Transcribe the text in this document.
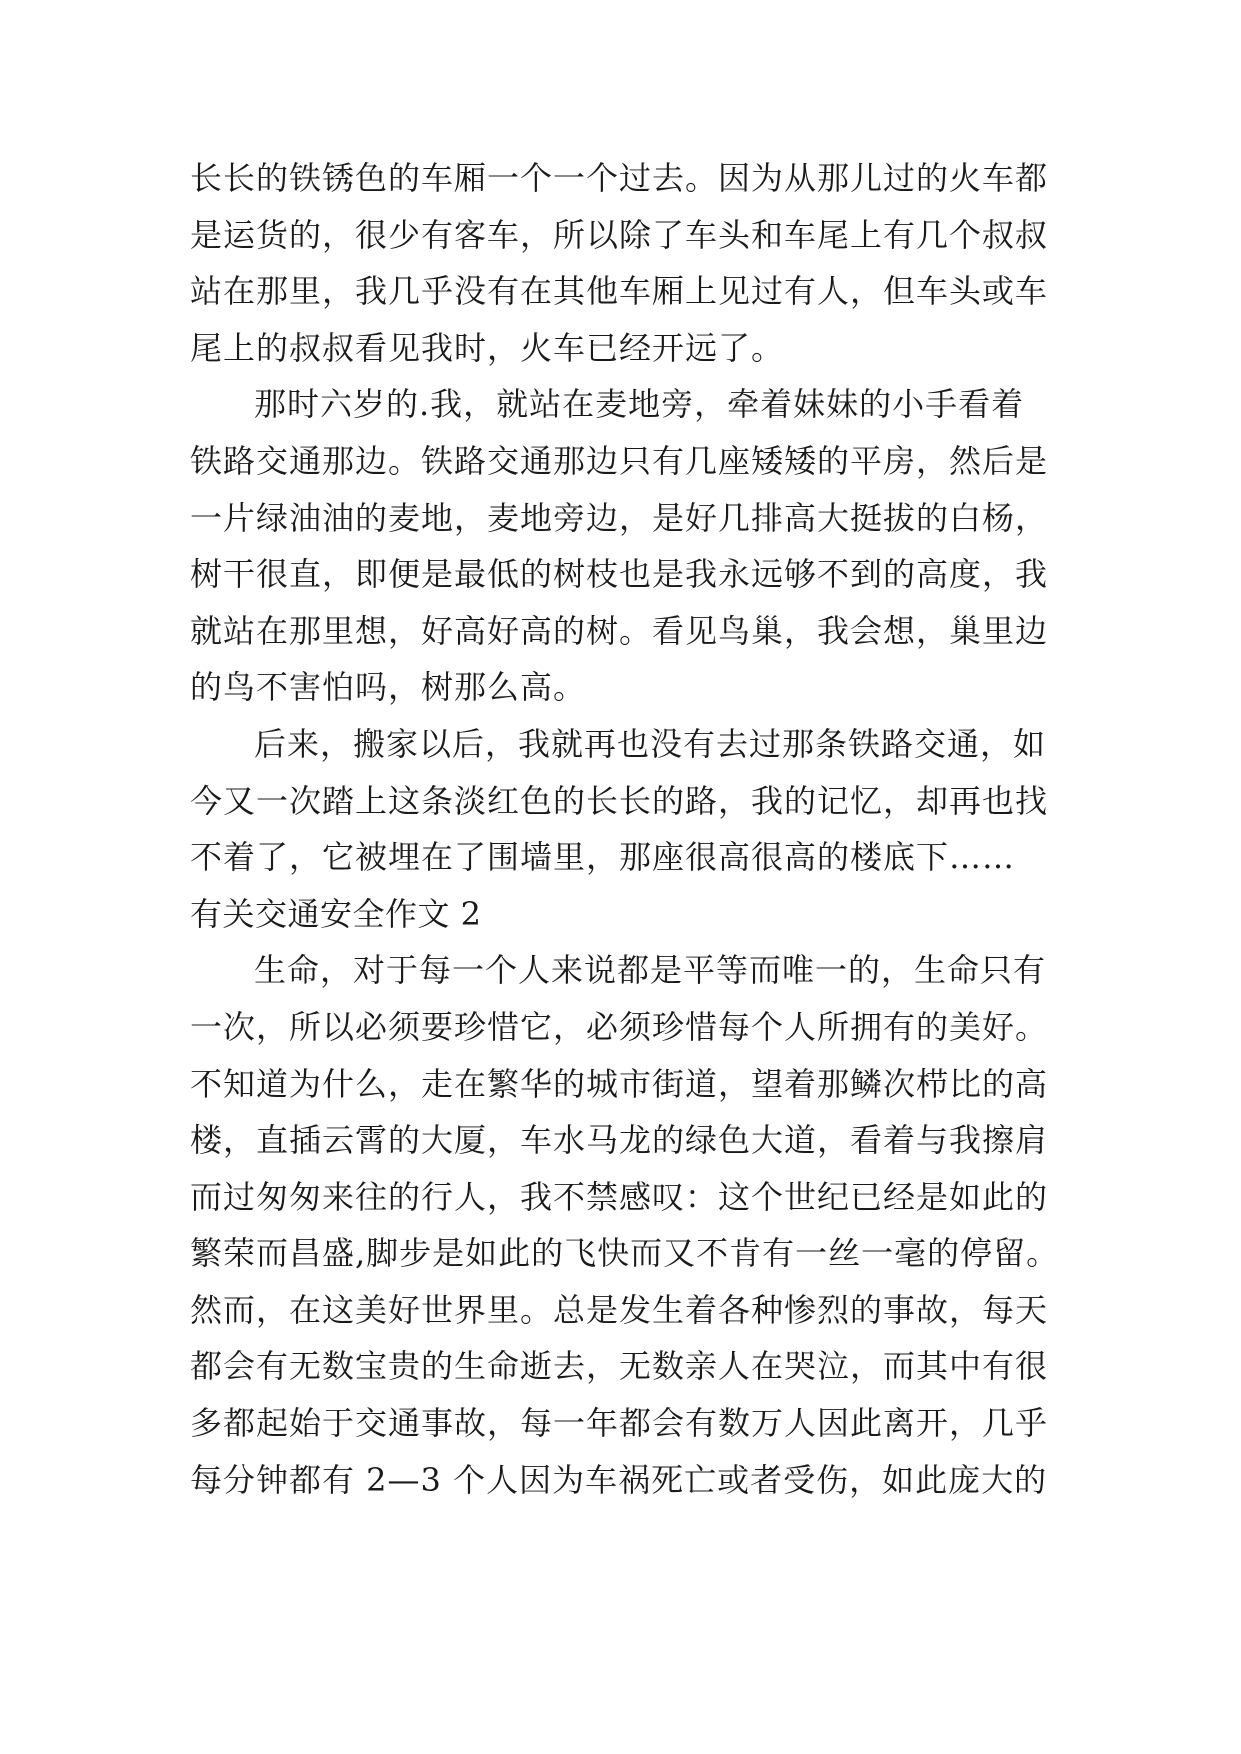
长长的铁锈色的车厢一个一个过去。因为从那儿过的火车都
是运货的，很少有客车，所以除了车头和车尾上有几个叔叔
站在那里，我几乎没有在其他车厢上见过有人，但车头或车
尾上的叔叔看见我时，火车已经开远了。
那时六岁的.我，就站在麦地旁，牵着妹妹的小手看着
铁路交通那边。铁路交通那边只有几座矮矮的平房，然后是
一片绿油油的麦地，麦地旁边，是好几排高大挺拔的白杨，
树干很直，即便是最低的树枝也是我永远够不到的高度，我
就站在那里想，好高好高的树。看见鸟巢，我会想，巢里边
的鸟不害怕吗，树那么高。
后来，搬家以后，我就再也没有去过那条铁路交通，如
今又一次踏上这条淡红色的长长的路，我的记忆，却再也找
不着了，它被埋在了围墙里，那座很高很高的楼底下……
有关交通安全作文 2
生命，对于每一个人来说都是平等而唯一的，生命只有
一次，所以必须要珍惜它，必须珍惜每个人所拥有的美好。
不知道为什么，走在繁华的城市街道，望着那鳞次栉比的高
楼，直插云霄的大厦，车水马龙的绿色大道，看着与我擦肩
而过匆匆来往的行人，我不禁感叹：这个世纪已经是如此的
繁荣而昌盛,脚步是如此的飞快而又不肯有一丝一毫的停留。
然而，在这美好世界里。总是发生着各种惨烈的事故，每天
都会有无数宝贵的生命逝去，无数亲人在哭泣，而其中有很
多都起始于交通事故，每一年都会有数万人因此离开，几乎
每分钟都有 2—3 个人因为车祸死亡或者受伤，如此庞大的
